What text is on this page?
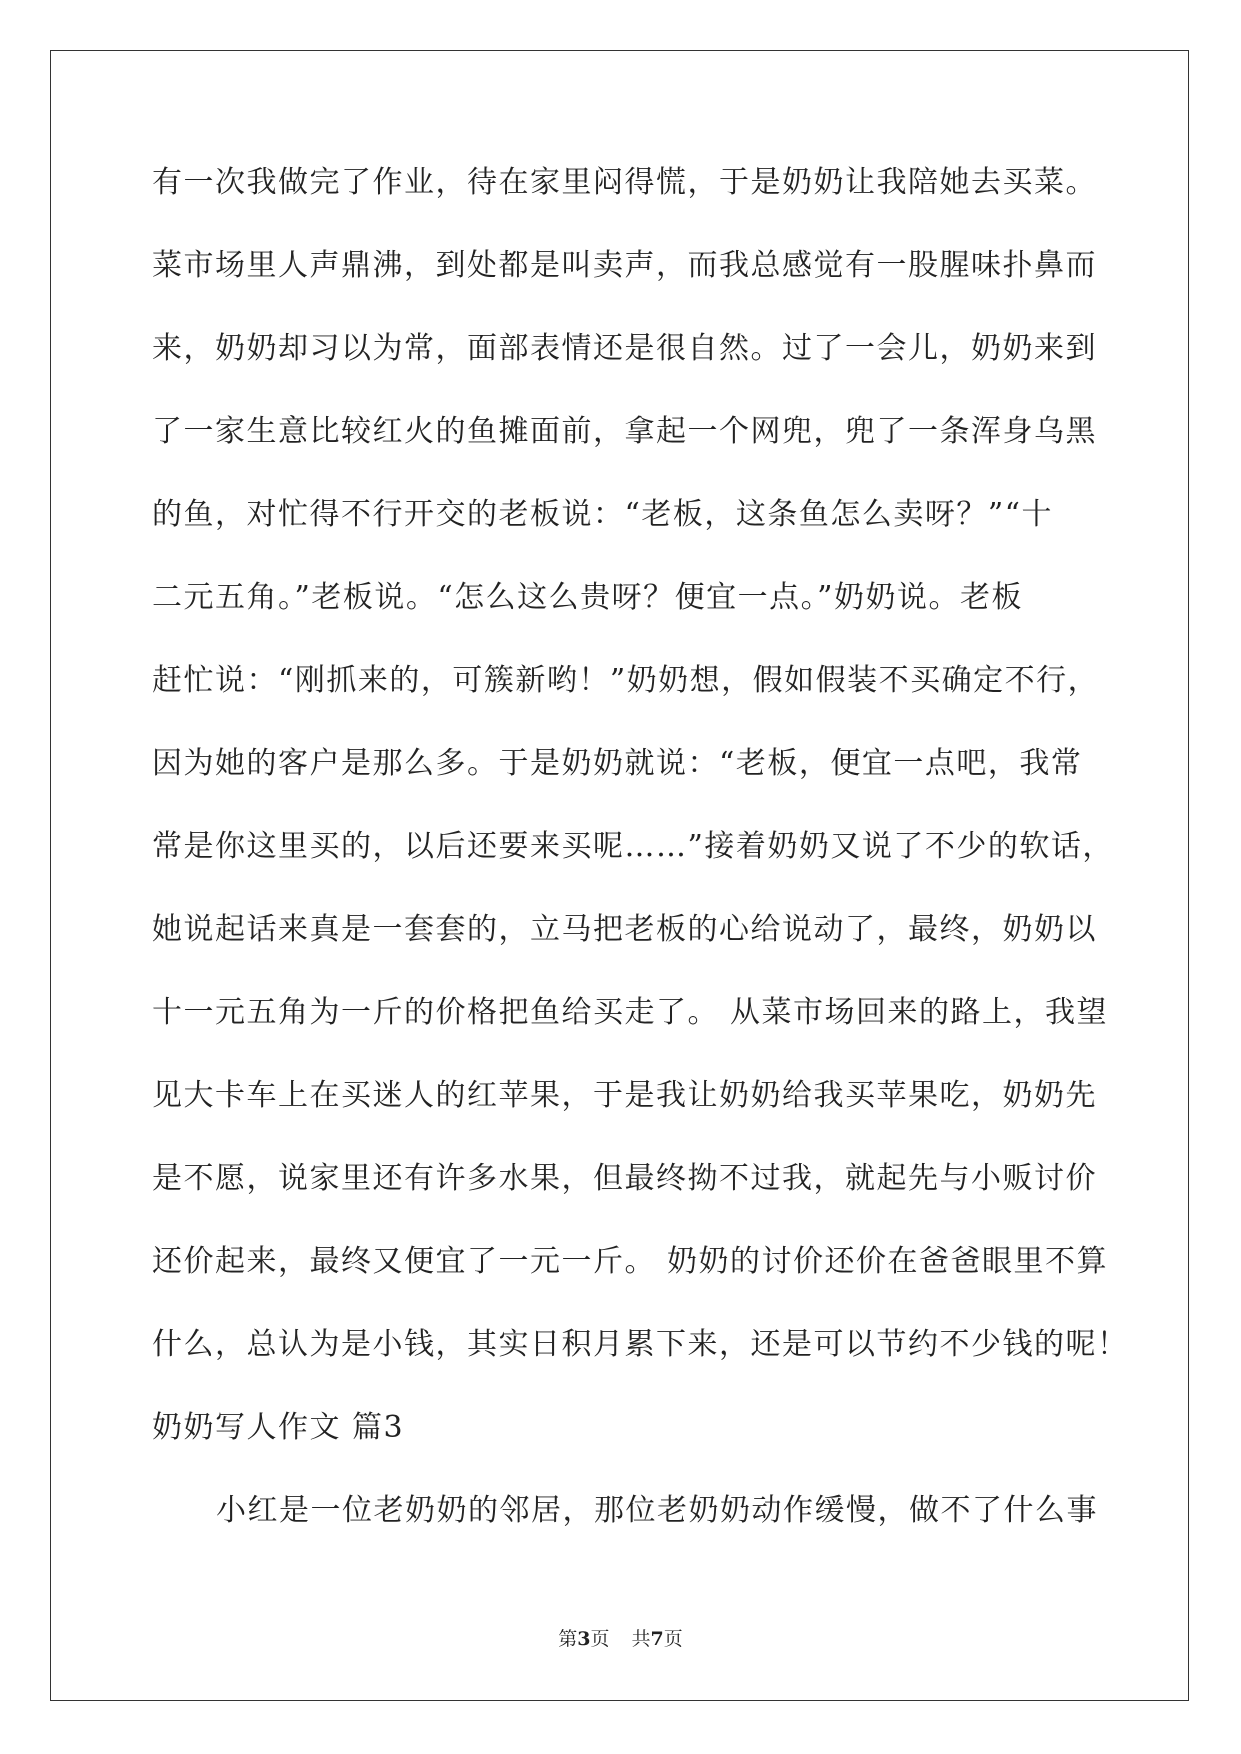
有一次我做完了作业，待在家里闷得慌，于是奶奶让我陪她去买菜。
菜市场里人声鼎沸，到处都是叫卖声，而我总感觉有一股腥味扑鼻而
来，奶奶却习以为常，面部表情还是很自然。过了一会儿，奶奶来到
了一家生意比较红火的鱼摊面前，拿起一个网兜，兜了一条浑身乌黑
的鱼，对忙得不行开交的老板说：“老板，这条鱼怎么卖呀？”“十
二元五角。”老板说。“怎么这么贵呀？便宜一点。”奶奶说。老板
赶忙说：“刚抓来的，可簇新哟！”奶奶想，假如假装不买确定不行，
因为她的客户是那么多。于是奶奶就说：“老板，便宜一点吧，我常
常是你这里买的，以后还要来买呢……”接着奶奶又说了不少的软话，
她说起话来真是一套套的，立马把老板的心给说动了，最终，奶奶以
十一元五角为一斤的价格把鱼给买走了。 从菜市场回来的路上，我望
见大卡车上在买迷人的红苹果，于是我让奶奶给我买苹果吃，奶奶先
是不愿，说家里还有许多水果，但最终拗不过我，就起先与小贩讨价
还价起来，最终又便宜了一元一斤。 奶奶的讨价还价在爸爸眼里不算
什么，总认为是小钱，其实日积月累下来，还是可以节约不少钱的呢！
奶奶写人作文 篇3
小红是一位老奶奶的邻居，那位老奶奶动作缓慢，做不了什么事
第3页 共7页
